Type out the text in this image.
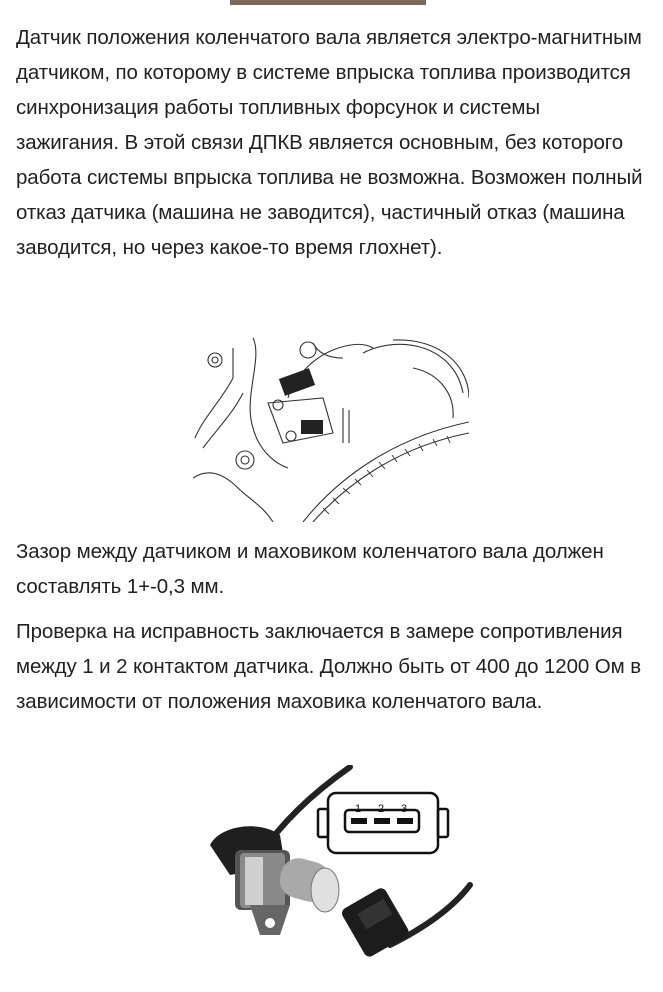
Датчик положения коленчатого вала является электро-магнитным датчиком, по которому в системе впрыска топлива производится синхронизация работы топливных форсунок и системы зажигания. В этой связи ДПКВ является основным, без которого работа системы впрыска топлива не возможна. Возможен полный отказ датчика (машина не заводится), частичный отказ (машина заводится, но через какое-то время глохнет).

Зазор между датчиком и маховиком коленчатого вала должен составлять 1+-0,3 мм.

Проверка на исправность заключается в замере сопротивления между 1 и 2 контактом датчика. Должно быть от 400 до 1200 Ом в зависимости от положения маховика коленчатого вала.

1 2 3
